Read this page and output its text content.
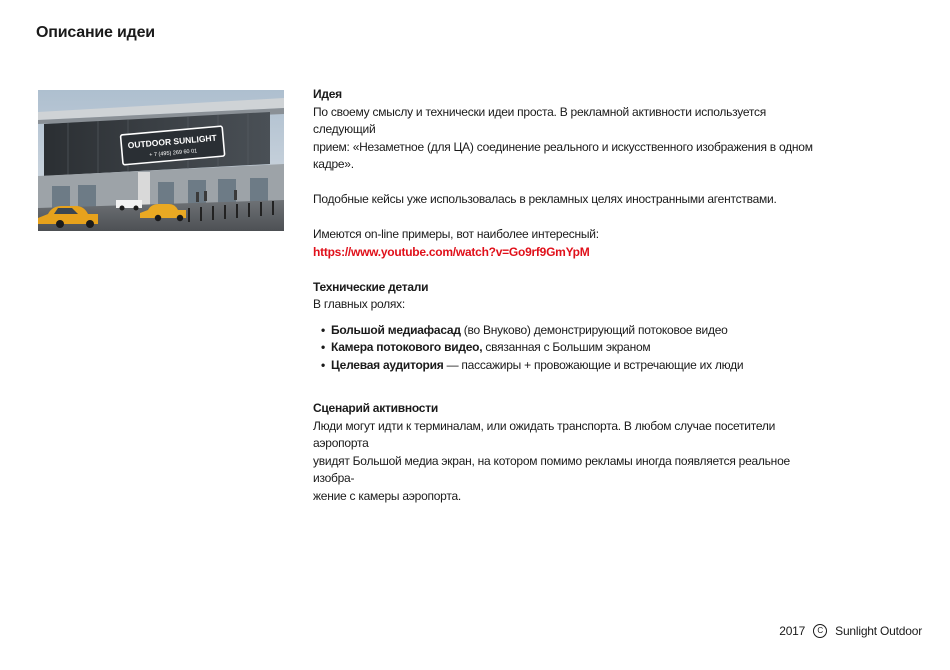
Описание идеи
OUTDOOR SUNLIGHT
+ 7 (495) 269 60 01

Идея

По своему смыслу и технически идеи проста. В рекламной активности используется следующий

прием: «Незаметное (для ЦА) соединение реального и искусственного изображения в одном кадре».

Подобные кейсы уже использовалась в рекламных целях иностранными агентствами.

Имеются on-line примеры, вот наиболее интересный:

https://www.youtube.com/watch?v=Go9rf9GmYpM

Технические детали

В главных ролях:

• Большой медиафасад (во Внуково) демонстрирующий потоковое видео
• Камера потокового видео, связанная с Большим экраном
• Целевая аудитория — пассажиры + провожающие и встречающие их люди

Сценарий активности

Люди могут идти к терминалам, или ожидать транспорта. В любом случае посетители аэропорта

увидят Большой медиа экран, на котором помимо рекламы иногда появляется реальное изобра-

жение с камеры аэропорта.

2017	C	Sunlight Outdoor
